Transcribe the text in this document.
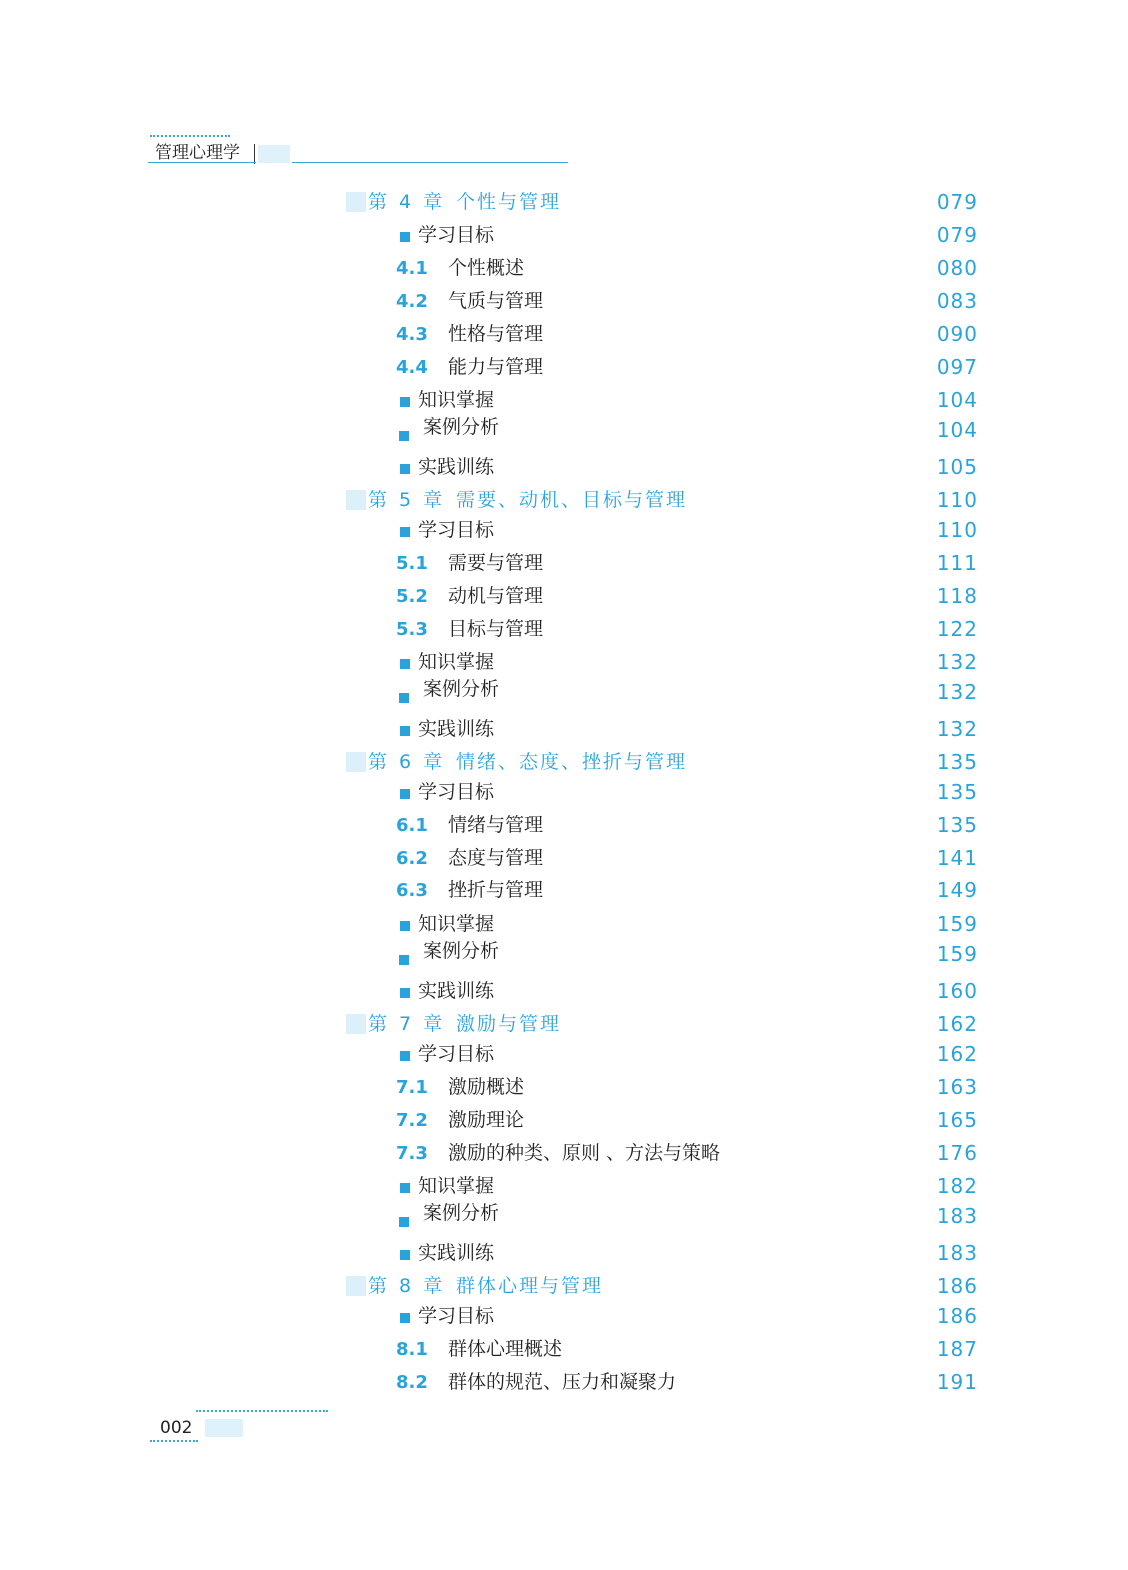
管理心理学
第 4 章 个性与管理	079
学习目标	079
4.1 个性概述	080
4.2 气质与管理	083
4.3 性格与管理	090
4.4 能力与管理	097
知识掌握	104
案例分析	104
实践训练	105
第 5 章 需要、动机、目标与管理	110
学习目标	110
5.1 需要与管理	111
5.2 动机与管理	118
5.3 目标与管理	122
知识掌握	132
案例分析	132
实践训练	132
第 6 章 情绪、态度、挫折与管理	135
学习目标	135
6.1 情绪与管理	135
6.2 态度与管理	141
6.3 挫折与管理	149
知识掌握	159
案例分析	159
实践训练	160
第 7 章 激励与管理	162
学习目标	162
7.1 激励概述	163
7.2 激励理论	165
7.3 激励的种类、原则 、方法与策略	176
知识掌握	182
案例分析	183
实践训练	183
第 8 章 群体心理与管理	186
学习目标	186
8.1 群体心理概述	187
8.2 群体的规范、压力和凝聚力	191
002
